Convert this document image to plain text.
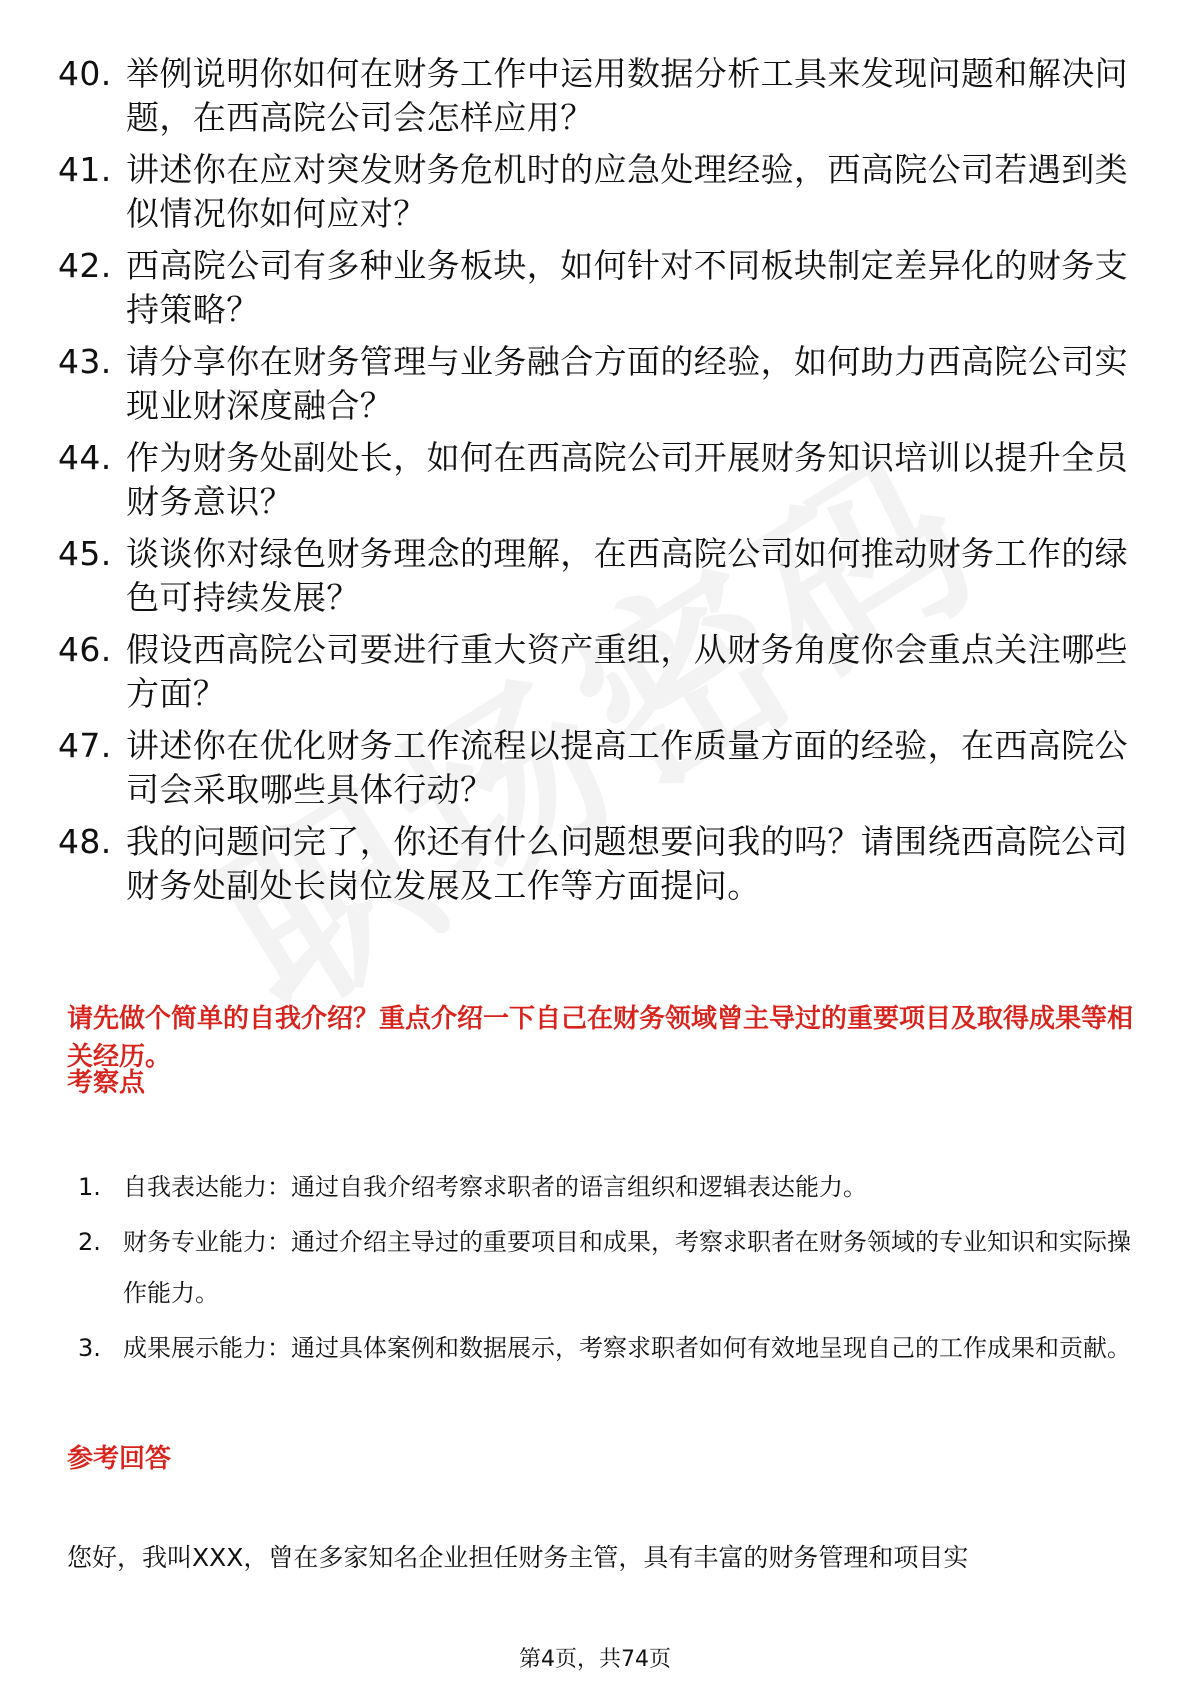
40. 举例说明你如何在财务工作中运用数据分析工具来发现问题和解决问题，在西高院公司会怎样应用？
41. 讲述你在应对突发财务危机时的应急处理经验，西高院公司若遇到类似情况你如何应对？
42. 西高院公司有多种业务板块，如何针对不同板块制定差异化的财务支持策略？
43. 请分享你在财务管理与业务融合方面的经验，如何助力西高院公司实现业财深度融合？
44. 作为财务处副处长，如何在西高院公司开展财务知识培训以提升全员财务意识？
45. 谈谈你对绿色财务理念的理解，在西高院公司如何推动财务工作的绿色可持续发展？
46. 假设西高院公司要进行重大资产重组，从财务角度你会重点关注哪些方面？
47. 讲述你在优化财务工作流程以提高工作质量方面的经验，在西高院公司会采取哪些具体行动？
48. 我的问题问完了，你还有什么问题想要问我的吗？请围绕西高院公司财务处副处长岗位发展及工作等方面提问。

请先做个简单的自我介绍？重点介绍一下自己在财务领域曾主导过的重要项目及取得成果等相关经历。

考察点
1. 自我表达能力：通过自我介绍考察求职者的语言组织和逻辑表达能力。
2. 财务专业能力：通过介绍主导过的重要项目和成果，考察求职者在财务领域的专业知识和实际操作能力。
3. 成果展示能力：通过具体案例和数据展示，考察求职者如何有效地呈现自己的工作成果和贡献。
参考回答

您好，我叫XXX，曾在多家知名企业担任财务主管，具有丰富的财务管理和项目实

第4页，共74页
